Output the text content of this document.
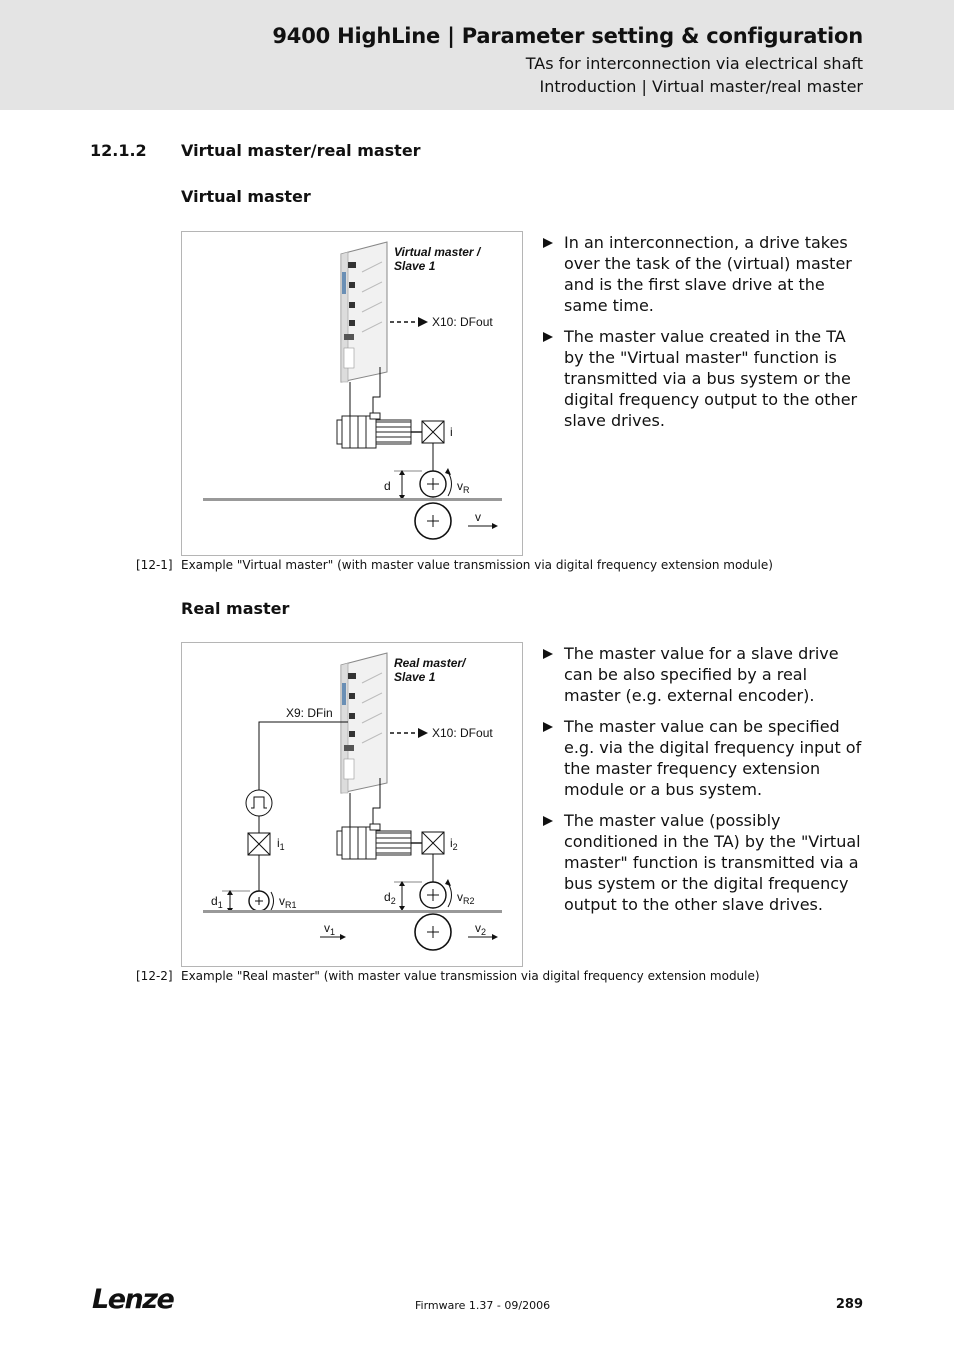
9400 HighLine | Parameter setting & configuration
TAs for interconnection via electrical shaft
Introduction | Virtual master/real master
12.1.2 Virtual master/real master
Virtual master
Virtual master /
Slave 1
X10: DFout
i
d	$v_R$
v
In an interconnection, a drive takes over the task of the (virtual) master and is the first slave drive at the same time.
The master value created in the TA by the "Virtual master" function is transmitted via a bus system or the digital frequency output to the other slave drives.
[12-1] Example "Virtual master" (with master value transmission via digital frequency extension module)
Real master
Real master/
Slave 1
X10: DFout
X9: DFin
$i_1$
$d_1$	$v_{R1}$
$i_2$
$d_2$	$v_{R2}$
$v_1$	$v_2$
The master value for a slave drive can be also specified by a real master (e.g. external encoder).
The master value can be specified e.g. via the digital frequency input of the master frequency extension module or a bus system.
The master value (possibly conditioned in the TA) by the "Virtual master" function is transmitted via a bus system or the digital frequency output to the other slave drives.
[12-2] Example "Real master" (with master value transmission via digital frequency extension module)
Lenze	Firmware 1.37 - 09/2006	289
